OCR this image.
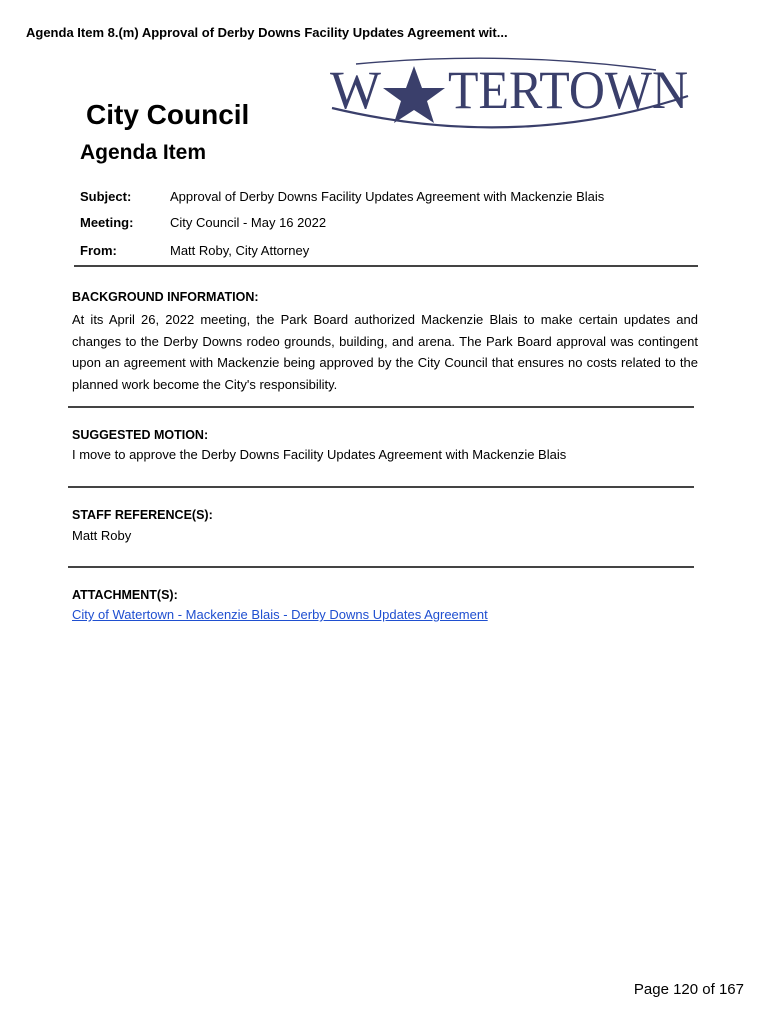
Agenda Item 8.(m) Approval of Derby Downs Facility Updates Agreement wit...
W TERTOWN
City Council
Agenda Item
Subject:	Approval of Derby Downs Facility Updates Agreement with Mackenzie Blais
Meeting:	City Council - May 16 2022
From:	Matt Roby, City Attorney
BACKGROUND INFORMATION:
At its April 26, 2022 meeting, the Park Board authorized Mackenzie Blais to make certain updates and changes to the Derby Downs rodeo grounds, building, and arena. The Park Board approval was contingent upon an agreement with Mackenzie being approved by the City Council that ensures no costs related to the planned work become the City's responsibility.
SUGGESTED MOTION:
I move to approve the Derby Downs Facility Updates Agreement with Mackenzie Blais
STAFF REFERENCE(S):
Matt Roby
ATTACHMENT(S):
City of Watertown - Mackenzie Blais - Derby Downs Updates Agreement
Page 120 of 167
